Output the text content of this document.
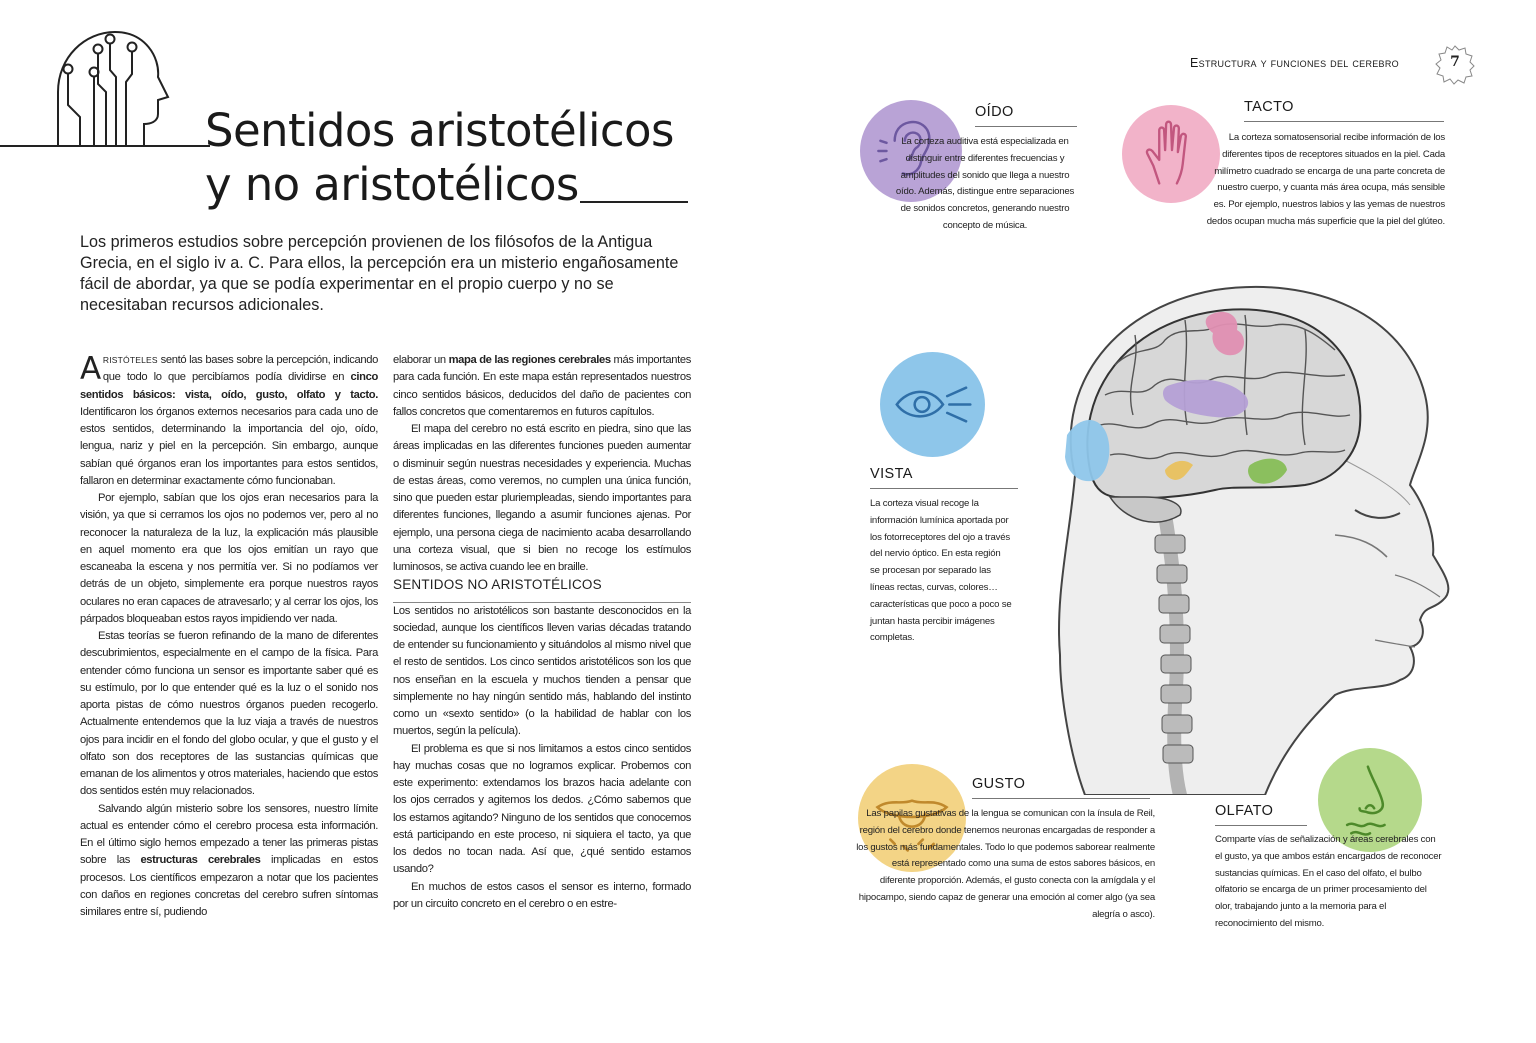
Sentidos aristotélicos
y no aristotélicos

Los primeros estudios sobre percepción provienen de los filósofos de la Antigua Grecia, en el siglo iv a. C. Para ellos, la percepción era un misterio engañosamente fácil de abordar, ya que se podía experimentar en el propio cuerpo y no se necesitaban recursos adicionales.

ARISTÓTELES sentó las bases sobre la percepción, indicando que todo lo que percibíamos podía dividirse en cinco sentidos básicos: vista, oído, gusto, olfato y tacto. Identificaron los órganos externos necesarios para cada uno de estos sentidos, determinando la importancia del ojo, oído, lengua, nariz y piel en la percepción. Sin embargo, aunque sabían qué órganos eran los importantes para estos sentidos, fallaron en determinar exactamente cómo funcionaban.

Por ejemplo, sabían que los ojos eran necesarios para la visión, ya que si cerramos los ojos no podemos ver, pero al no reconocer la naturaleza de la luz, la explicación más plausible en aquel momento era que los ojos emitían un rayo que escaneaba la escena y nos permitía ver. Si no podíamos ver detrás de un objeto, simplemente era porque nuestros rayos oculares no eran capaces de atravesarlo; y al cerrar los ojos, los párpados bloqueaban estos rayos impidiendo ver nada.

Estas teorías se fueron refinando de la mano de diferentes descubrimientos, especialmente en el campo de la física. Para entender cómo funciona un sensor es importante saber qué es su estímulo, por lo que entender qué es la luz o el sonido nos aporta pistas de cómo nuestros órganos pueden recogerlo. Actualmente entendemos que la luz viaja a través de nuestros ojos para incidir en el fondo del globo ocular, y que el gusto y el olfato son dos receptores de las sustancias químicas que emanan de los alimentos y otros materiales, haciendo que estos dos sentidos estén muy relacionados.

Salvando algún misterio sobre los sensores, nuestro límite actual es entender cómo el cerebro procesa esta información. En el último siglo hemos empezado a tener las primeras pistas sobre las estructuras cerebrales implicadas en estos procesos. Los científicos empezaron a notar que los pacientes con daños en regiones concretas del cerebro sufren síntomas similares entre sí, pudiendo

elaborar un mapa de las regiones cerebrales más importantes para cada función. En este mapa están representados nuestros cinco sentidos básicos, deducidos del daño de pacientes con fallos concretos que comentaremos en futuros capítulos.

El mapa del cerebro no está escrito en piedra, sino que las áreas implicadas en las diferentes funciones pueden aumentar o disminuir según nuestras necesidades y experiencia. Muchas de estas áreas, como veremos, no cumplen una única función, sino que pueden estar pluriempleadas, siendo importantes para diferentes funciones, llegando a asumir funciones ajenas. Por ejemplo, una persona ciega de nacimiento acaba desarrollando una corteza visual, que si bien no recoge los estímulos luminosos, se activa cuando lee en braille.

SENTIDOS NO ARISTOTÉLICOS

Los sentidos no aristotélicos son bastante desconocidos en la sociedad, aunque los científicos lleven varias décadas tratando de entender su funcionamiento y situándolos al mismo nivel que el resto de sentidos. Los cinco sentidos aristotélicos son los que nos enseñan en la escuela y muchos tienden a pensar que simplemente no hay ningún sentido más, hablando del instinto como un «sexto sentido» (o la habilidad de hablar con los muertos, según la película).

El problema es que si nos limitamos a estos cinco sentidos hay muchas cosas que no logramos explicar. Probemos con este experimento: extendamos los brazos hacia adelante con los ojos cerrados y agitemos los dedos. ¿Cómo sabemos que los estamos agitando? Ninguno de los sentidos que conocemos está participando en este proceso, ni siquiera el tacto, ya que los dedos no tocan nada. Así que, ¿qué sentido estamos usando?

En muchos de estos casos el sensor es interno, formado por un circuito concreto en el cerebro o en estre-

Estructura y funciones del cerebro	7
OÍDO
La corteza auditiva está especializada en distinguir entre diferentes frecuencias y amplitudes del sonido que llega a nuestro oído. Además, distingue entre separaciones de sonidos concretos, generando nuestro concepto de música.
TACTO
La corteza somatosensorial recibe información de los diferentes tipos de receptores situados en la piel. Cada milímetro cuadrado se encarga de una parte concreta de nuestro cuerpo, y cuanta más área ocupa, más sensible es. Por ejemplo, nuestros labios y las yemas de nuestros dedos ocupan mucha más superficie que la piel del glúteo.
VISTA
La corteza visual recoge la información lumínica aportada por los fotorreceptores del ojo a través del nervio óptico. En esta región se procesan por separado las líneas rectas, curvas, colores… características que poco a poco se juntan hasta percibir imágenes completas.
GUSTO
Las papilas gustativas de la lengua se comunican con la ínsula de Reil, región del cerebro donde tenemos neuronas encargadas de responder a los gustos más fundamentales. Todo lo que podemos saborear realmente está representado como una suma de estos sabores básicos, en diferente proporción. Además, el gusto conecta con la amígdala y el hipocampo, siendo capaz de generar una emoción al comer algo (ya sea alegría o asco).
OLFATO
Comparte vías de señalización y áreas cerebrales con el gusto, ya que ambos están encargados de reconocer sustancias químicas. En el caso del olfato, el bulbo olfatorio se encarga de un primer procesamiento del olor, trabajando junto a la memoria para el reconocimiento del mismo.
